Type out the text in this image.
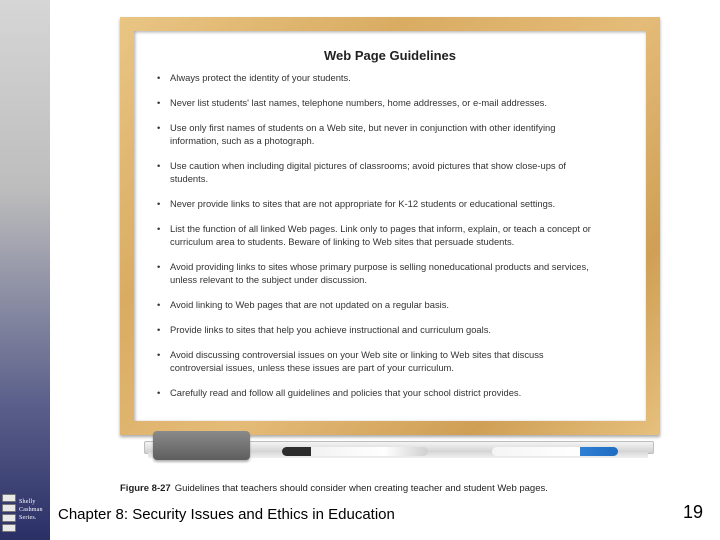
Shelly
Cashman
Series.
Web Page Guidelines
• Always protect the identity of your students.
• Never list students' last names, telephone numbers, home addresses, or e-mail addresses.
• Use only first names of students on a Web site, but never in conjunction with other identifying information, such as a photograph.
• Use caution when including digital pictures of classrooms; avoid pictures that show close-ups of students.
• Never provide links to sites that are not appropriate for K-12 students or educational settings.
• List the function of all linked Web pages. Link only to pages that inform, explain, or teach a concept or curriculum area to students. Beware of linking to Web sites that persuade students.
• Avoid providing links to sites whose primary purpose is selling noneducational products and services, unless relevant to the subject under discussion.
• Avoid linking to Web pages that are not updated on a regular basis.
• Provide links to sites that help you achieve instructional and curriculum goals.
• Avoid discussing controversial issues on your Web site or linking to Web sites that discuss controversial issues, unless these issues are part of your curriculum.
• Carefully read and follow all guidelines and policies that your school district provides.
Figure 8-27 Guidelines that teachers should consider when creating teacher and student Web pages.
Chapter 8: Security Issues and Ethics in Education	19
